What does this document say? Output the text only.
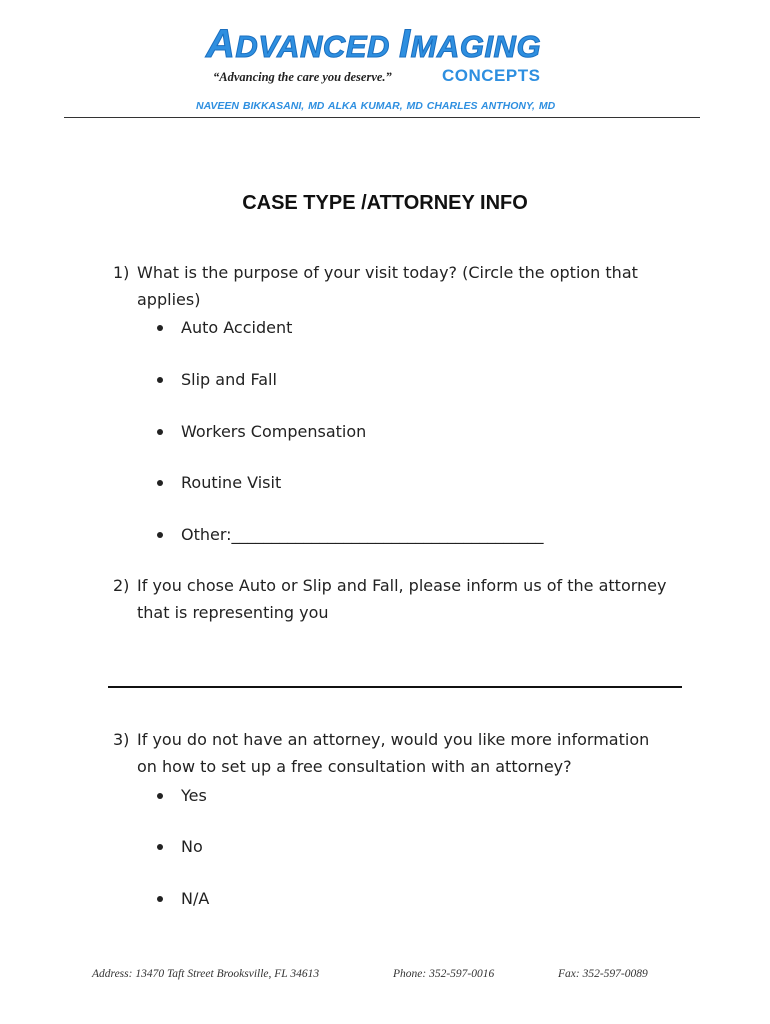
ADVANCED IMAGING
CONCEPTS
“Advancing the care you deserve.”
NAVEEN BIKKASANI, MD ALKA KUMAR, MD CHARLES ANTHONY, MD
CASE TYPE /ATTORNEY INFO
1) What is the purpose of your visit today? (Circle the option that
applies)
Auto Accident
Slip and Fall
Workers Compensation
Routine Visit
Other:_______________________________________
2) If you chose Auto or Slip and Fall, please inform us of the attorney
that is representing you
3) If you do not have an attorney, would you like more information
on how to set up a free consultation with an attorney?
Yes
No
N/A
Address: 13470 Taft Street Brooksville, FL 34613	Phone: 352-597-0016	Fax: 352-597-0089
